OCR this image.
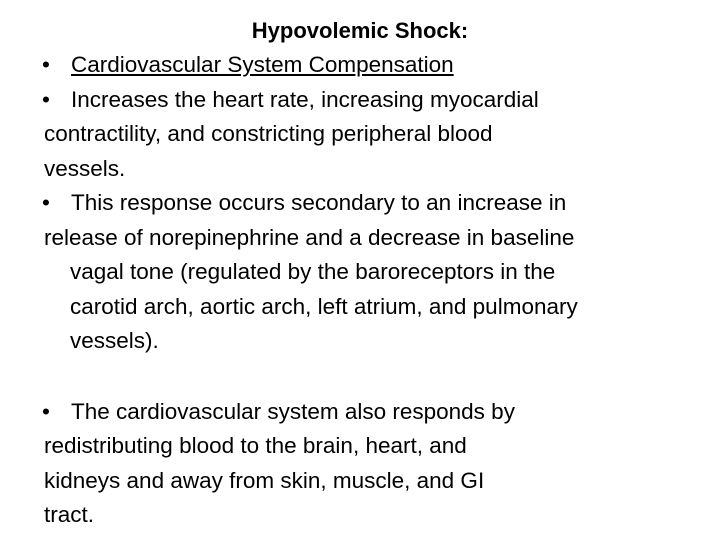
Hypovolemic Shock:
• Cardiovascular System Compensation
• Increases the heart rate, increasing myocardial
contractility, and constricting peripheral blood
vessels.
• This response occurs secondary to an increase in
release of norepinephrine and a decrease in baseline
vagal tone (regulated by the baroreceptors in the
carotid arch, aortic arch, left atrium, and pulmonary
vessels).
• The cardiovascular system also responds by
redistributing blood to the brain, heart, and
kidneys and away from skin, muscle, and GI
tract.
